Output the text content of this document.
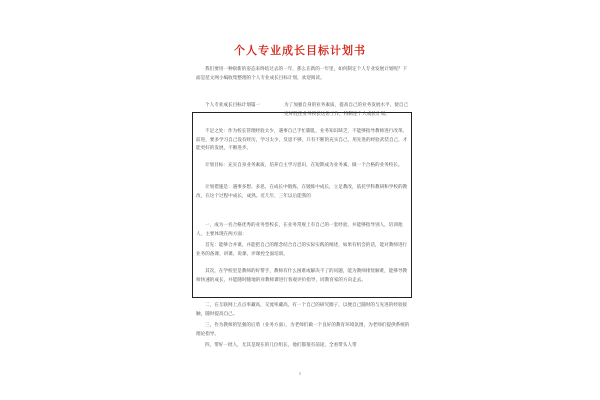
个人专业成长目标计划书

我们要用一种崭新的姿态来终结过去的一年，那么在新的一年里，如何制定个人专业发展计划呢？下面是范文网小编收集整理的个人专业成长目标计划，欢迎阅读。

个人专业成长目标计划篇一	为了加强自身的业务素质，提高自己的业务发展水平，使自己更好胜任业务校长这份工作，特制定个人成长计划。

不足之处：作为校长管理经验太少，遇事自己手忙脚乱，业务知识缺乏，不能够指导教师进行改革。前进，要多学习自己没有经历，学习太少，反思不够，只有不断的充实自己，用先进的经验武装自己，才能更好的发展，不断进步。

计划目标：充实自身业务素质，培养自主学习意识，在短期成为业务素，做一个合格的业务校长。

计划措施是：遇事多想、多思，在成长中锻炼，在锻炼中成长，立足教改，依托学科教研和学校的教改，在这个过程中成长，成熟。近几年，三年以后能我的

一，成为一名合格优秀的业务型校长，在业务常规上有自己的一套经验，并能够指导别人，培训他人，主要体现在两方面：

首先：能够合并课，并能把自己的理念结合自己的实际实践的阐述，如果有机会的话，能对教师进行业务的备课、讲课、说课、评课控全面培训。

其次，在学校里是教师的好帮手，教师有什么困难或解决不了的问题，能为教师排忧解难，能够导教师快速的成长，并能随时随地的对教师课进行客观评价指导，同教育家的方向走去。

二，在互联网上点点率藏高，交流率藏高，有一个自己的研究圈子，以便自己随时的与先进的经验接触，随时提高自己。

三，作为教师的坚强的后盾（业务方面），为老师们做一个良好的教育环境氛围，为老师们提供系统的理论指导。

四，带好一批人，尤其是现在的几位组长，他们都很有前途，全看带头人带

1
